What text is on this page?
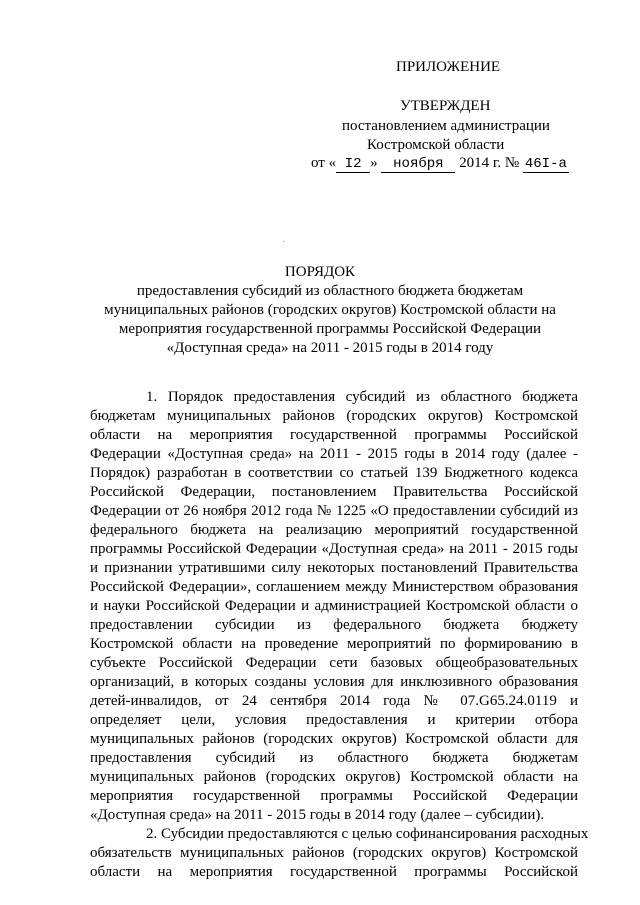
ПРИЛОЖЕНИЕ
УТВЕРЖДЕН
постановлением администрации
Костромской области
от « I2 » ноября 2014 г. № 46I-а
ПОРЯДОК
предоставления субсидий из областного бюджета бюджетам
муниципальных районов (городских округов) Костромской области на
мероприятия государственной программы Российской Федерации
«Доступная среда» на 2011 - 2015 годы в 2014 году
1. Порядок предоставления субсидий из областного бюджета
бюджетам муниципальных районов (городских округов) Костромской
области на мероприятия государственной программы Российской
Федерации «Доступная среда» на 2011 - 2015 годы в 2014 году (далее -
Порядок) разработан в соответствии со статьей 139 Бюджетного кодекса
Российской Федерации, постановлением Правительства Российской
Федерации от 26 ноября 2012 года № 1225 «О предоставлении субсидий из
федерального бюджета на реализацию мероприятий государственной
программы Российской Федерации «Доступная среда» на 2011 - 2015 годы
и признании утратившими силу некоторых постановлений Правительства
Российской Федерации», соглашением между Министерством образования
и науки Российской Федерации и администрацией Костромской области о
предоставлении субсидии из федерального бюджета бюджету
Костромской области на проведение мероприятий по формированию в
субъекте Российской Федерации сети базовых общеобразовательных
организаций, в которых созданы условия для инклюзивного образования
детей-инвалидов, от 24 сентября 2014 года № 07.G65.24.0119 и
определяет цели, условия предоставления и критерии отбора
муниципальных районов (городских округов) Костромской области для
предоставления субсидий из областного бюджета бюджетам
муниципальных районов (городских округов) Костромской области на
мероприятия государственной программы Российской Федерации
«Доступная среда» на 2011 - 2015 годы в 2014 году (далее – субсидии).
2. Субсидии предоставляются с целью софинансирования расходных
обязательств муниципальных районов (городских округов) Костромской
области на мероприятия государственной программы Российской
